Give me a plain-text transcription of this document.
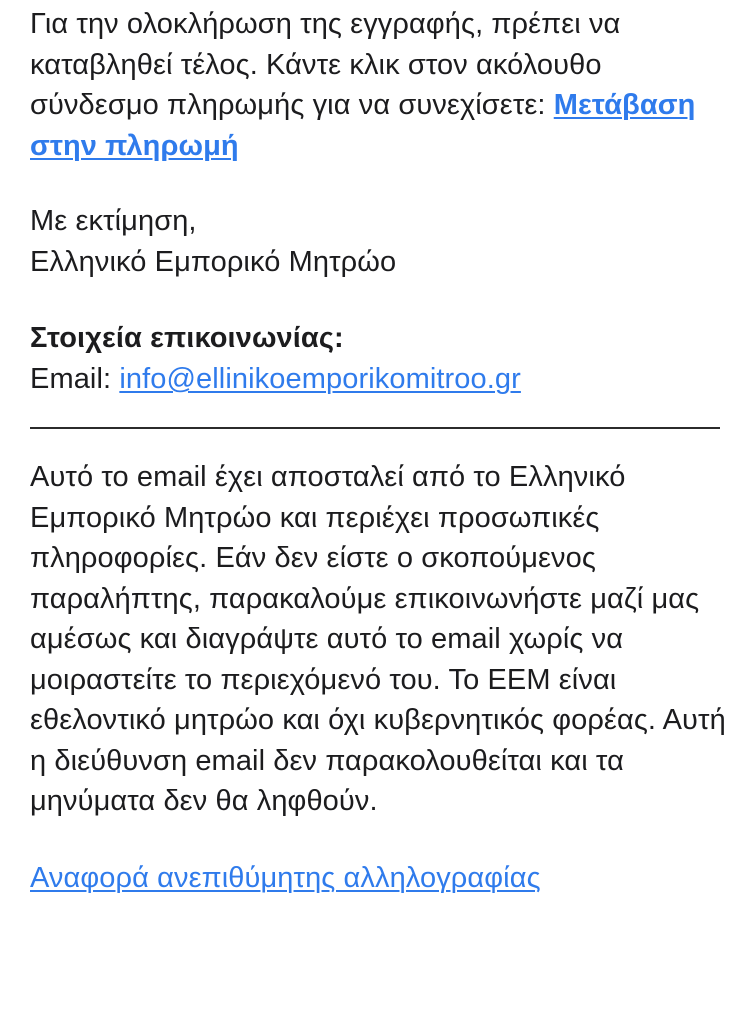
Για την ολοκλήρωση της εγγραφής, πρέπει να καταβληθεί τέλος. Κάντε κλικ στον ακόλουθο σύνδεσμο πληρωμής για να συνεχίσετε: Μετάβαση στην πληρωμή

Με εκτίμηση,
Ελληνικό Εμπορικό Μητρώο

Στοιχεία επικοινωνίας:
Email: info@ellinikoemporikomitroo.gr

Αυτό το email έχει αποσταλεί από το Ελληνικό Εμπορικό Μητρώο και περιέχει προσωπικές πληροφορίες. Εάν δεν είστε ο σκοπούμενος παραλήπτης, παρακαλούμε επικοινωνήστε μαζί μας αμέσως και διαγράψτε αυτό το email χωρίς να μοιραστείτε το περιεχόμενό του. Το ΕΕΜ είναι εθελοντικό μητρώο και όχι κυβερνητικός φορέας. Αυτή η διεύθυνση email δεν παρακολουθείται και τα μηνύματα δεν θα ληφθούν.

Αναφορά ανεπιθύμητης αλληλογραφίας
